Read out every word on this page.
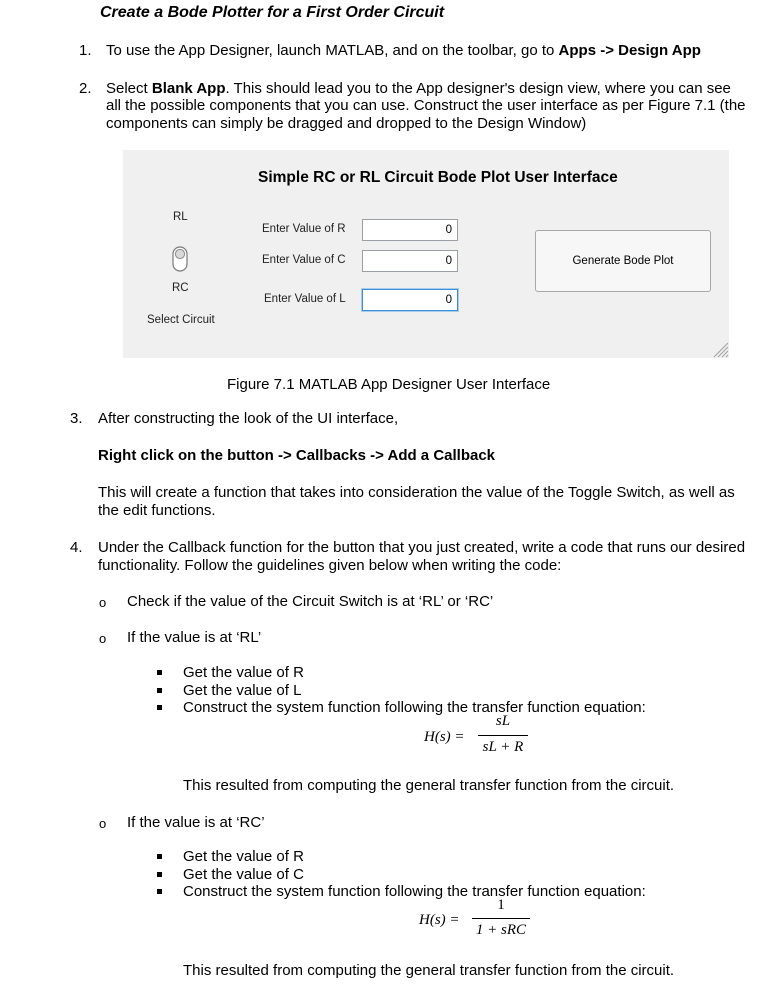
Create a Bode Plotter for a First Order Circuit
1. To use the App Designer, launch MATLAB, and on the toolbar, go to Apps -> Design App
2. Select Blank App. This should lead you to the App designer's design view, where you can see
all the possible components that you can use. Construct the user interface as per Figure 7.1 (the
components can simply be dragged and dropped to the Design Window)
Simple RC or RL Circuit Bode Plot User Interface
RL
RC
Select Circuit
Enter Value of R	0
Enter Value of C	0
Enter Value of L	0
Generate Bode Plot
Figure 7.1 MATLAB App Designer User Interface
3. After constructing the look of the UI interface,
Right click on the button -> Callbacks -> Add a Callback
This will create a function that takes into consideration the value of the Toggle Switch, as well as
the edit functions.
4. Under the Callback function for the button that you just created, write a code that runs our desired
functionality. Follow the guidelines given below when writing the code:
o Check if the value of the Circuit Switch is at ‘RL’ or ‘RC’
o If the value is at ‘RL’
Get the value of R
Get the value of L
Construct the system function following the transfer function equation:
H(s) =
sL
sL + R
This resulted from computing the general transfer function from the circuit.
o If the value is at ‘RC’
Get the value of R
Get the value of C
Construct the system function following the transfer function equation:
H(s) =
1
1 + sRC
This resulted from computing the general transfer function from the circuit.
